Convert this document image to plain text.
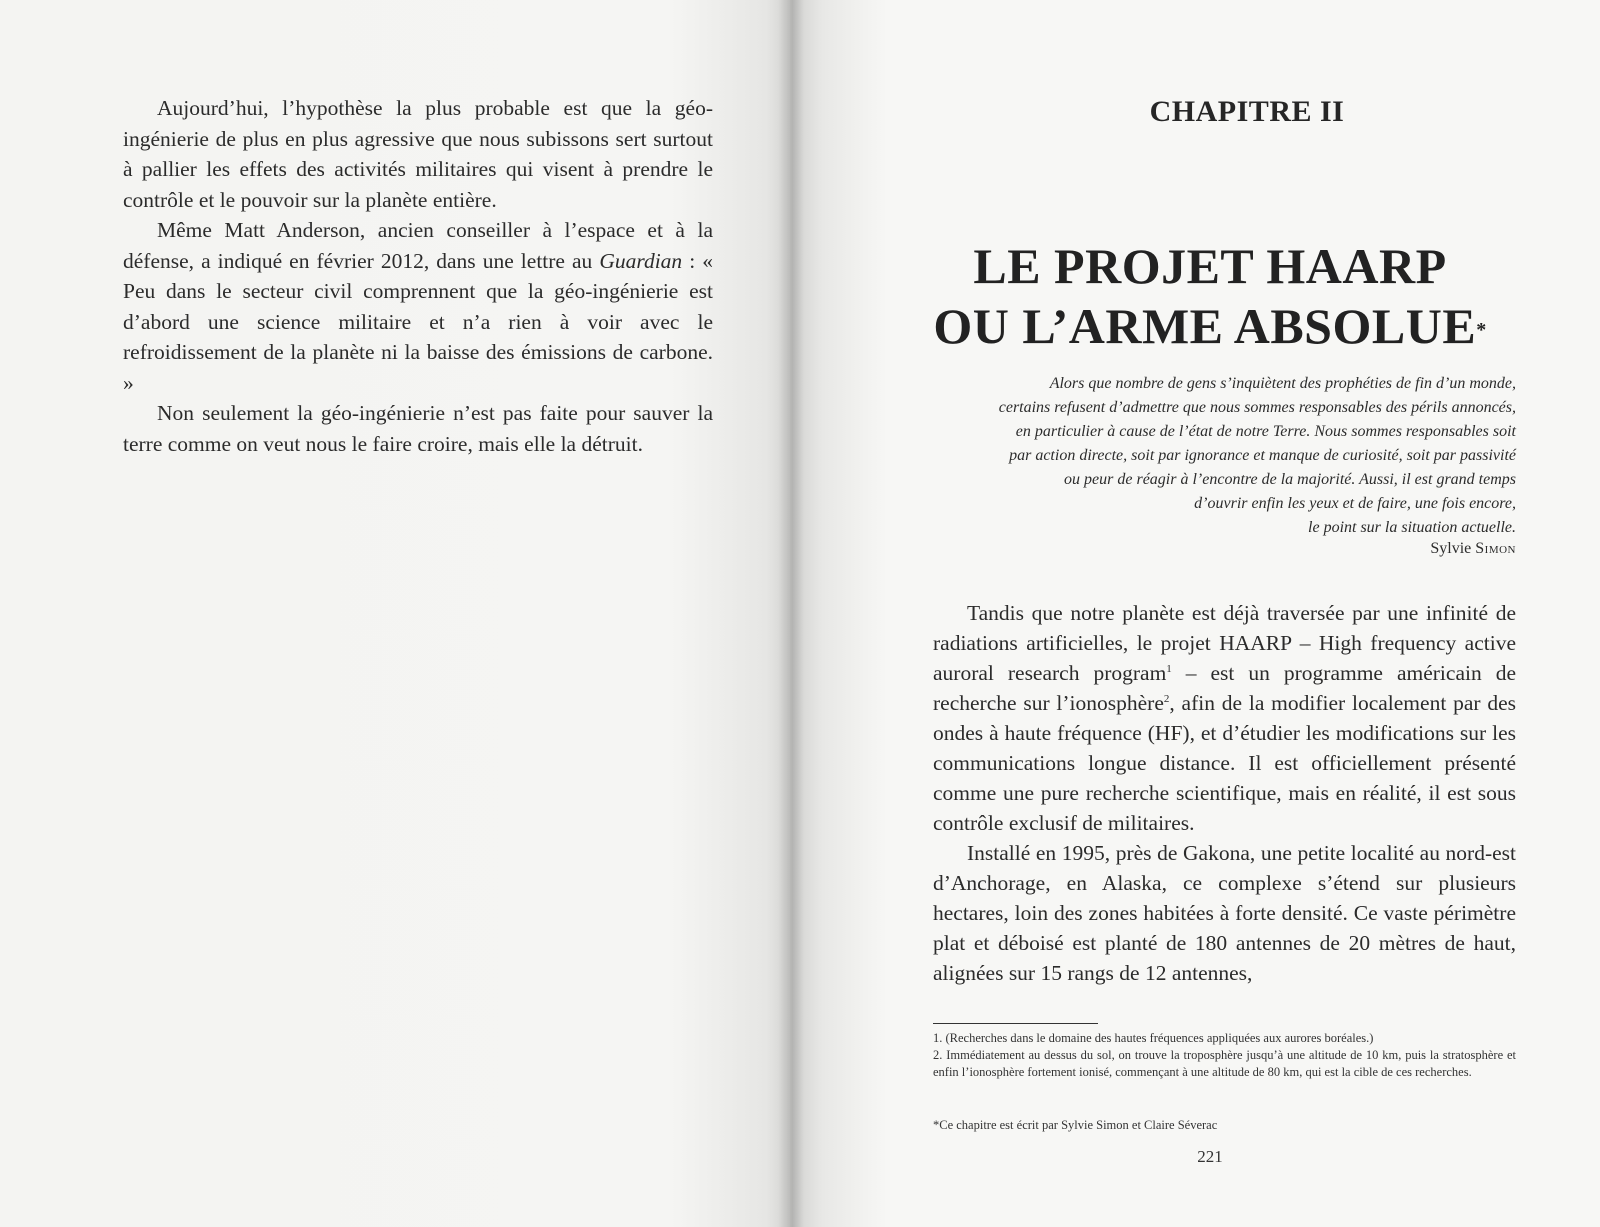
Aujourd’hui, l’hypothèse la plus probable est que la géo-ingénierie de plus en plus agressive que nous subissons sert surtout à pallier les effets des activités militaires qui visent à prendre le contrôle et le pouvoir sur la planète entière.

Même Matt Anderson, ancien conseiller à l’espace et à la défense, a indiqué en février 2012, dans une lettre au Guardian : « Peu dans le secteur civil comprennent que la géo-ingénierie est d’abord une science militaire et n’a rien à voir avec le refroidissement de la planète ni la baisse des émissions de carbone. »

Non seulement la géo-ingénierie n’est pas faite pour sauver la terre comme on veut nous le faire croire, mais elle la détruit.

CHAPITRE II
LE PROJET HAARP
OU L’ARME ABSOLUE*
Alors que nombre de gens s’inquiètent des prophéties de fin d’un monde,
certains refusent d’admettre que nous sommes responsables des périls annoncés,
en particulier à cause de l’état de notre Terre. Nous sommes responsables soit
par action directe, soit par ignorance et manque de curiosité, soit par passivité
ou peur de réagir à l’encontre de la majorité. Aussi, il est grand temps
d’ouvrir enfin les yeux et de faire, une fois encore,
le point sur la situation actuelle.
Sylvie Simon

Tandis que notre planète est déjà traversée par une infinité de radiations artificielles, le projet HAARP – High frequency active auroral research program$^1$ – est un programme américain de recherche sur l’ionosphère$^2$, afin de la modifier localement par des ondes à haute fréquence (HF), et d’étudier les modifications sur les communications longue distance. Il est officiellement présenté comme une pure recherche scientifique, mais en réalité, il est sous contrôle exclusif de militaires.

Installé en 1995, près de Gakona, une petite localité au nord-est d’Anchorage, en Alaska, ce complexe s’étend sur plusieurs hectares, loin des zones habitées à forte densité. Ce vaste périmètre plat et déboisé est planté de 180 antennes de 20 mètres de haut, alignées sur 15 rangs de 12 antennes,

1. (Recherches dans le domaine des hautes fréquences appliquées aux aurores boréales.)

2. Immédiatement au dessus du sol, on trouve la troposphère jusqu’à une altitude de 10 km, puis la stratosphère et enfin l’ionosphère fortement ionisé, commençant à une altitude de 80 km, qui est la cible de ces recherches.

*Ce chapitre est écrit par Sylvie Simon et Claire Séverac
221
